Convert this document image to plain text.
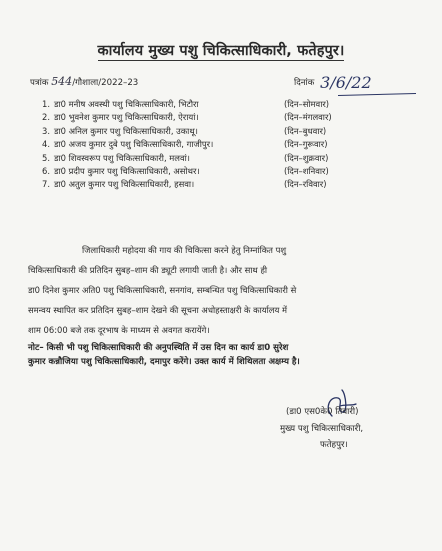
कार्यालय मुख्य पशु चिकित्साधिकारी, फतेहपुर।
पत्रांक 544/गौशाला/2022–23	दिनांक 3/6/22
1. डा0 मनीष अवस्थी पशु चिकित्साधिकारी, भिटौरा	(दिन–सोमवार)
2. डा0 भुवनेश कुमार पशु चिकित्साधिकारी, ऐरायां।	(दिन–मंगलवार)
3. डा0 अनिल कुमार पशु चिकित्साधिकारी, उकाथू।	(दिन–बुधवार)
4. डा0 अजय कुमार दुबे पशु चिकित्साधिकारी, गाजीपुर।	(दिन–गुरूवार)
5. डा0 शिवस्वरूप पशु चिकित्साधिकारी, मलवां।	(दिन–शुक्रवार)
6. डा0 प्रदीप कुमार पशु चिकित्साधिकारी, असोथर।	(दिन–शनिवार)
7. डा0 अतुल कुमार पशु चिकित्साधिकारी, हसवा।	(दिन–रविवार)
जिलाधिकारी महोदया की गाय की चिकित्सा करने हेतु निम्नांकित पशु
चिकित्साधिकारी की प्रतिदिन सुबह–शाम की ड्यूटी लगायी जाती है। और साथ ही
डा0 दिनेश कुमार अति0 पशु चिकित्साधिकारी, सनगांव, सम्बन्धित पशु चिकित्साधिकारी से
समन्वय स्थापित कर प्रतिदिन सुबह–शाम देखने की सूचना अधोहस्ताक्षरी के कार्यालय में
शाम 06:00 बजे तक दूरभाष के माध्यम से अवगत करायेंगे।
नोट– किसी भी पशु चिकित्साधिकारी की अनुपस्थिति में उस दिन का कार्य डा0 सुरेश
कुमार कन्नौजिया पशु चिकित्साधिकारी, दमापुर करेंगे। उक्त कार्य में शिथिलता अक्षम्य है।
(डा0 एस0के0 तिवारी)
मुख्य पशु चिकित्साधिकारी,
फतेहपुर।
